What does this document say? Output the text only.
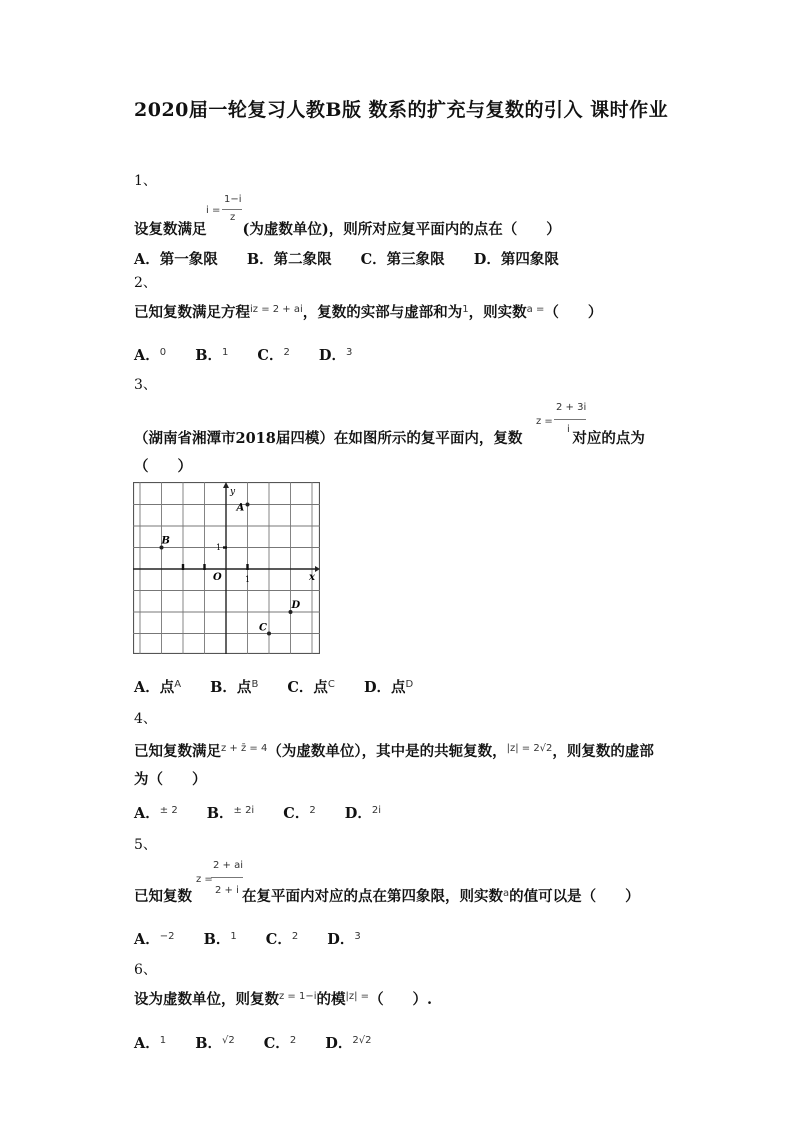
2020届一轮复习人教B版 数系的扩充与复数的引入 课时作业
1、
i =
1−i
z
设复数满足 (为虚数单位)，则所对应复平面内的点在（　　）
A．第一象限 B．第二象限 C．第三象限 D．第四象限
2、
已知复数满足方程$^{iz = 2 + ai}$，复数的实部与虚部和为$^1$，则实数$^{a =}$（　　）
A．$^0$ B．$^1$ C．$^2$ D．$^3$
3、
z =
2 + 3i
i
（湖南省湘潭市2018届四模）在如图所示的复平面内，复数	对应的点为
（　　）
x
y
O	1
1
A
B
C
D
A．点$^A$ B．点$^B$ C．点$^C$ D．点$^D$
4、
已知复数满足$^{z + z̄ = 4}$（为虚数单位），其中是的共轭复数，$^{|z| = 2√2}$，则复数的虚部
为（　　）
A．$^{\pm 2}$ B．$^{\pm 2i}$ C．$^2$ D．$^{2i}$
5、
z =
2 + ai
2 + i
已知复数	在复平面内对应的点在第四象限，则实数$^a$的值可以是（　　）
A．$^{-2}$ B．$^1$ C．$^2$ D．$^3$
6、
设为虚数单位，则复数$^{z = 1-i}$的模$^{|z| =}$（　　）.
A．$^1$ B．$^{√2}$ C．$^2$ D．$^{2√2}$
